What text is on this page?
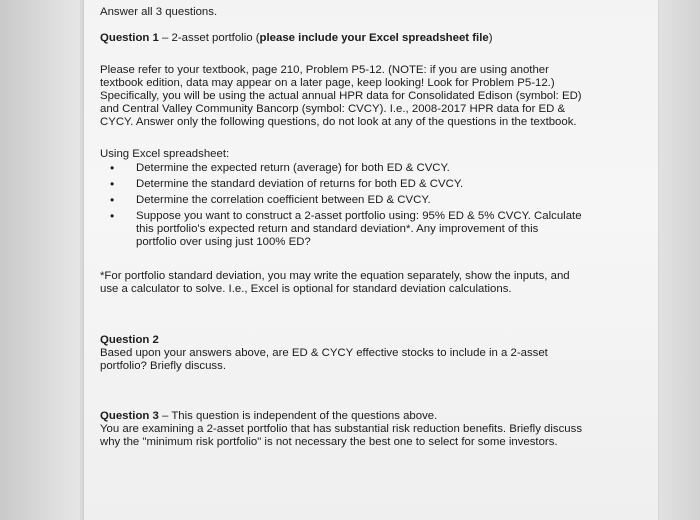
Answer all 3 questions.
Question 1 – 2-asset portfolio (please include your Excel spreadsheet file)
Please refer to your textbook, page 210, Problem P5-12. (NOTE: if you are using another
textbook edition, data may appear on a later page, keep looking! Look for Problem P5-12.)
Specifically, you will be using the actual annual HPR data for Consolidated Edison (symbol: ED)
and Central Valley Community Bancorp (symbol: CVCY). I.e., 2008-2017 HPR data for ED &
CYCY. Answer only the following questions, do not look at any of the questions in the textbook.
Using Excel spreadsheet:
•	Determine the expected return (average) for both ED & CVCY.
•	Determine the standard deviation of returns for both ED & CVCY.
•	Determine the correlation coefficient between ED & CVCY.
•	Suppose you want to construct a 2-asset portfolio using: 95% ED & 5% CVCY. Calculate
this portfolio's expected return and standard deviation*. Any improvement of this
portfolio over using just 100% ED?
*For portfolio standard deviation, you may write the equation separately, show the inputs, and
use a calculator to solve. I.e., Excel is optional for standard deviation calculations.
Question 2
Based upon your answers above, are ED & CYCY effective stocks to include in a 2-asset
portfolio? Briefly discuss.
Question 3 – This question is independent of the questions above.
You are examining a 2-asset portfolio that has substantial risk reduction benefits. Briefly discuss
why the "minimum risk portfolio" is not necessary the best one to select for some investors.
